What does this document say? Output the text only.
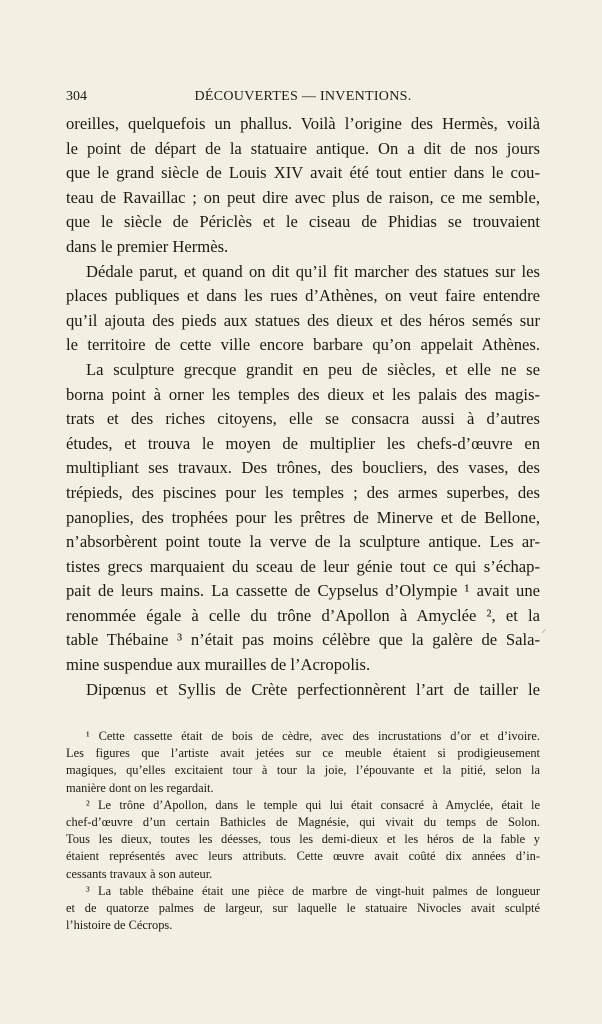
304	DÉCOUVERTES — INVENTIONS.
oreilles, quelquefois un phallus. Voilà l’origine des Hermès, voilà
le point de départ de la statuaire antique. On a dit de nos jours
que le grand siècle de Louis XIV avait été tout entier dans le cou-
teau de Ravaillac ; on peut dire avec plus de raison, ce me semble,
que le siècle de Périclès et le ciseau de Phidias se trouvaient
dans le premier Hermès.
Dédale parut, et quand on dit qu’il fit marcher des statues sur les
places publiques et dans les rues d’Athènes, on veut faire entendre
qu’il ajouta des pieds aux statues des dieux et des héros semés sur
le territoire de cette ville encore barbare qu’on appelait Athènes.
La sculpture grecque grandit en peu de siècles, et elle ne se
borna point à orner les temples des dieux et les palais des magis-
trats et des riches citoyens, elle se consacra aussi à d’autres
études, et trouva le moyen de multiplier les chefs-d’œuvre en
multipliant ses travaux. Des trônes, des boucliers, des vases, des
trépieds, des piscines pour les temples ; des armes superbes, des
panoplies, des trophées pour les prêtres de Minerve et de Bellone,
n’absorbèrent point toute la verve de la sculpture antique. Les ar-
tistes grecs marquaient du sceau de leur génie tout ce qui s’échap-
pait de leurs mains. La cassette de Cypselus d’Olympie ¹ avait une
renommée égale à celle du trône d’Apollon à Amyclée ², et la
table Thébaine ³ n’était pas moins célèbre que la galère de Sala-
mine suspendue aux murailles de l’Acropolis.
Dipœnus et Syllis de Crète perfectionnèrent l’art de tailler le
⸍
¹ Cette cassette était de bois de cèdre, avec des incrustations d’or et d’ivoire.
Les figures que l’artiste avait jetées sur ce meuble étaient si prodigieusement
magiques, qu’elles excitaient tour à tour la joie, l’épouvante et la pitié, selon la
manière dont on les regardait.
² Le trône d’Apollon, dans le temple qui lui était consacré à Amyclée, était le
chef-d’œuvre d’un certain Bathicles de Magnésie, qui vivait du temps de Solon.
Tous les dieux, toutes les déesses, tous les demi-dieux et les héros de la fable y
étaient représentés avec leurs attributs. Cette œuvre avait coûté dix années d’in-
cessants travaux à son auteur.
³ La table thébaine était une pièce de marbre de vingt-huit palmes de longueur
et de quatorze palmes de largeur, sur laquelle le statuaire Nivocles avait sculpté
l’histoire de Cécrops.
